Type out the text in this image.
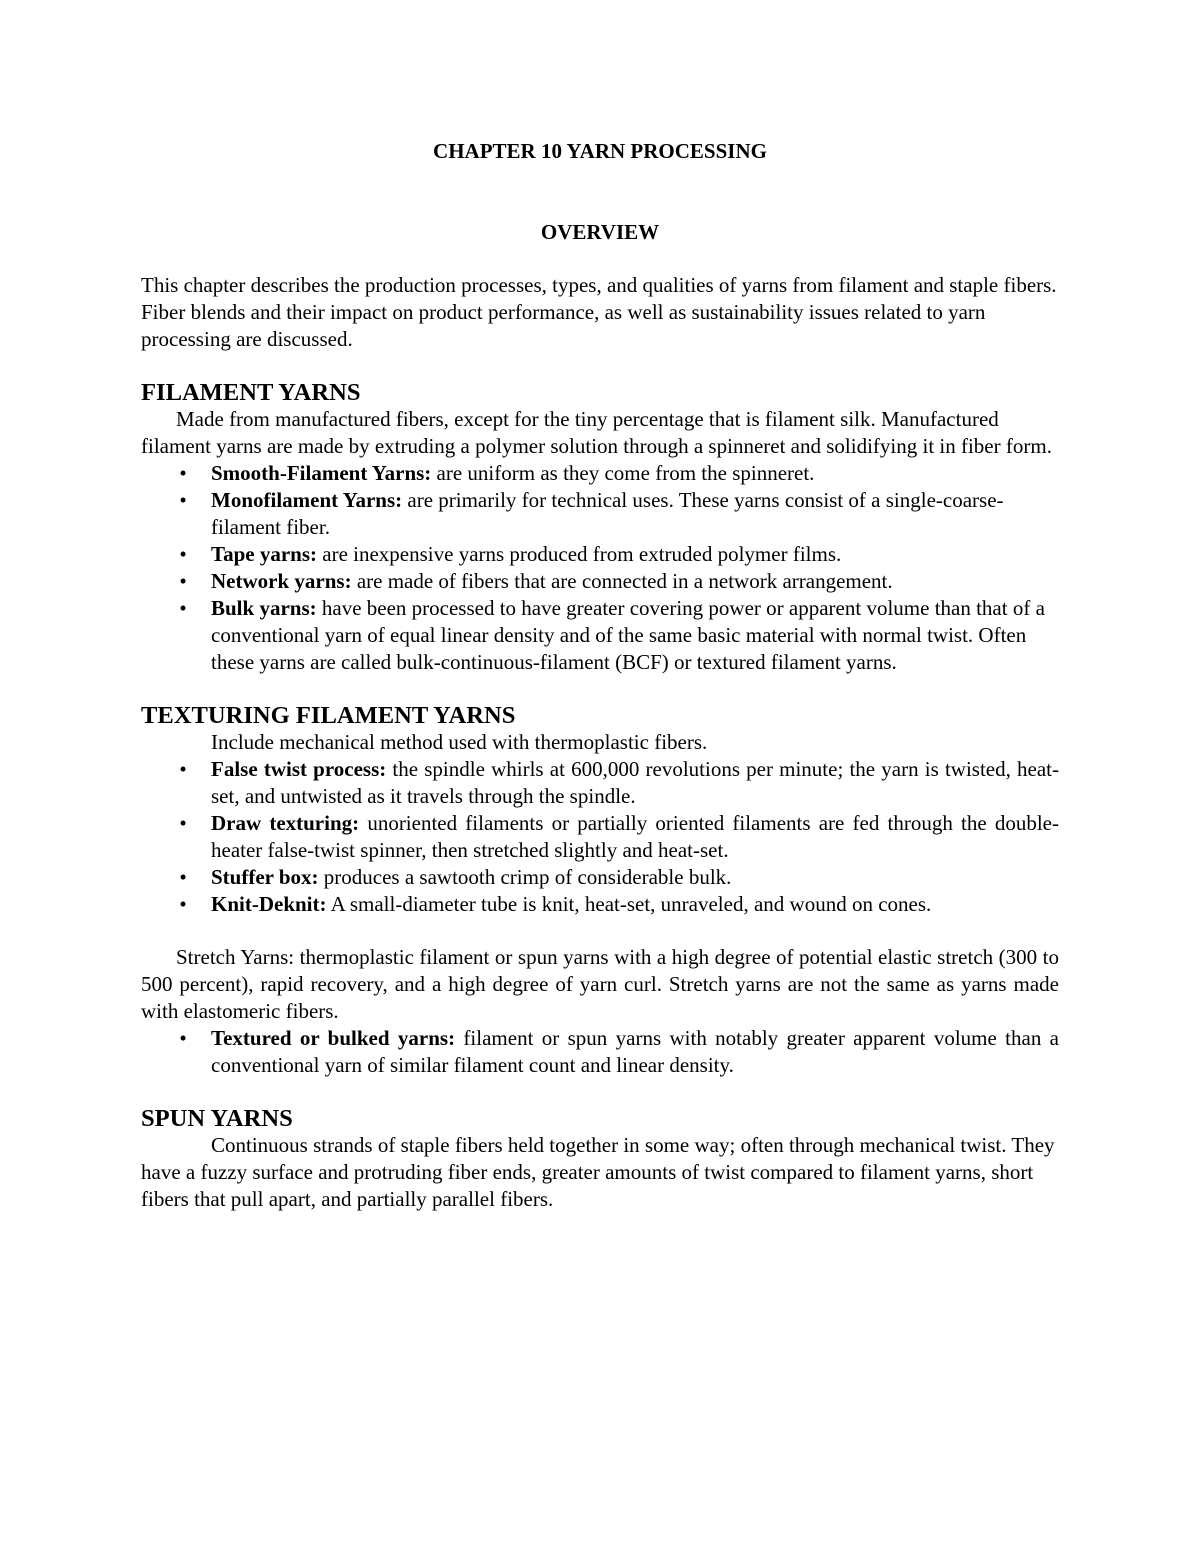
CHAPTER 10 YARN PROCESSING
OVERVIEW

This chapter describes the production processes, types, and qualities of yarns from filament and staple fibers. Fiber blends and their impact on product performance, as well as sustainability issues related to yarn processing are discussed.

FILAMENT YARNS

Made from manufactured fibers, except for the tiny percentage that is filament silk. Manufactured filament yarns are made by extruding a polymer solution through a spinneret and solidifying it in fiber form.

•	Smooth-Filament Yarns: are uniform as they come from the spinneret.
•	Monofilament Yarns: are primarily for technical uses. These yarns consist of a single-coarse-filament fiber.
•	Tape yarns: are inexpensive yarns produced from extruded polymer films.
•	Network yarns: are made of fibers that are connected in a network arrangement.
•	Bulk yarns: have been processed to have greater covering power or apparent volume than that of a conventional yarn of equal linear density and of the same basic material with normal twist. Often these yarns are called bulk-continuous-filament (BCF) or textured filament yarns.
TEXTURING FILAMENT YARNS

Include mechanical method used with thermoplastic fibers.

•	False twist process: the spindle whirls at 600,000 revolutions per minute; the yarn is twisted, heat-set, and untwisted as it travels through the spindle.
•	Draw texturing: unoriented filaments or partially oriented filaments are fed through the double-heater false-twist spinner, then stretched slightly and heat-set.
•	Stuffer box: produces a sawtooth crimp of considerable bulk.
•	Knit-Deknit: A small-diameter tube is knit, heat-set, unraveled, and wound on cones.

Stretch Yarns: thermoplastic filament or spun yarns with a high degree of potential elastic stretch (300 to 500 percent), rapid recovery, and a high degree of yarn curl. Stretch yarns are not the same as yarns made with elastomeric fibers.

•	Textured or bulked yarns: filament or spun yarns with notably greater apparent volume than a conventional yarn of similar filament count and linear density.
SPUN YARNS

Continuous strands of staple fibers held together in some way; often through mechanical twist. They have a fuzzy surface and protruding fiber ends, greater amounts of twist compared to filament yarns, short fibers that pull apart, and partially parallel fibers.
